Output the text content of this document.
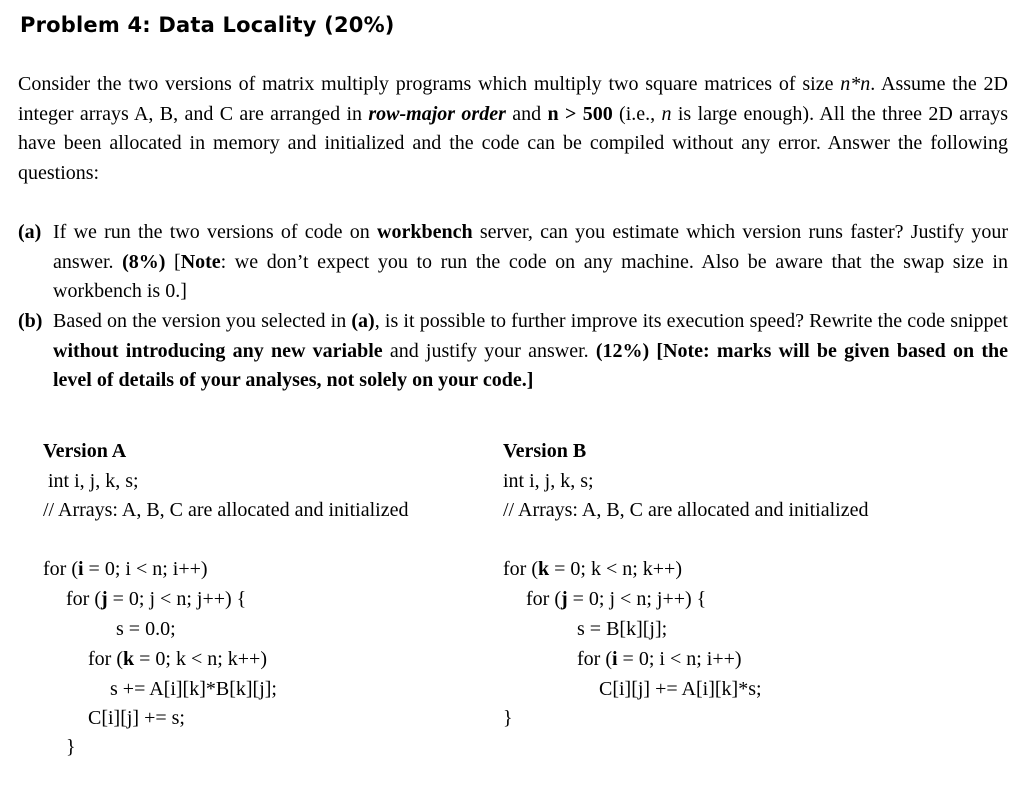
Problem 4: Data Locality (20%)
Consider the two versions of matrix multiply programs which multiply two square matrices of size n*n. Assume the 2D integer arrays A, B, and C are arranged in row-major order and n > 500 (i.e., n is large enough). All the three 2D arrays have been allocated in memory and initialized and the code can be compiled without any error. Answer the following questions:
(a) If we run the two versions of code on workbench server, can you estimate which version runs faster? Justify your answer. (8%) [Note: we don’t expect you to run the code on any machine. Also be aware that the swap size in workbench is 0.]
(b) Based on the version you selected in (a), is it possible to further improve its execution speed? Rewrite the code snippet without introducing any new variable and justify your answer. (12%) [Note: marks will be given based on the level of details of your analyses, not solely on your code.]
Version A
int i, j, k, s;
// Arrays: A, B, C are allocated and initialized
for (i = 0; i < n; i++)
for (j = 0; j < n; j++) {
s = 0.0;
for (k = 0; k < n; k++)
s += A[i][k]*B[k][j];
C[i][j] += s;
}
Version B
int i, j, k, s;
// Arrays: A, B, C are allocated and initialized
for (k = 0; k < n; k++)
for (j = 0; j < n; j++) {
s = B[k][j];
for (i = 0; i < n; i++)
C[i][j] += A[i][k]*s;
}
